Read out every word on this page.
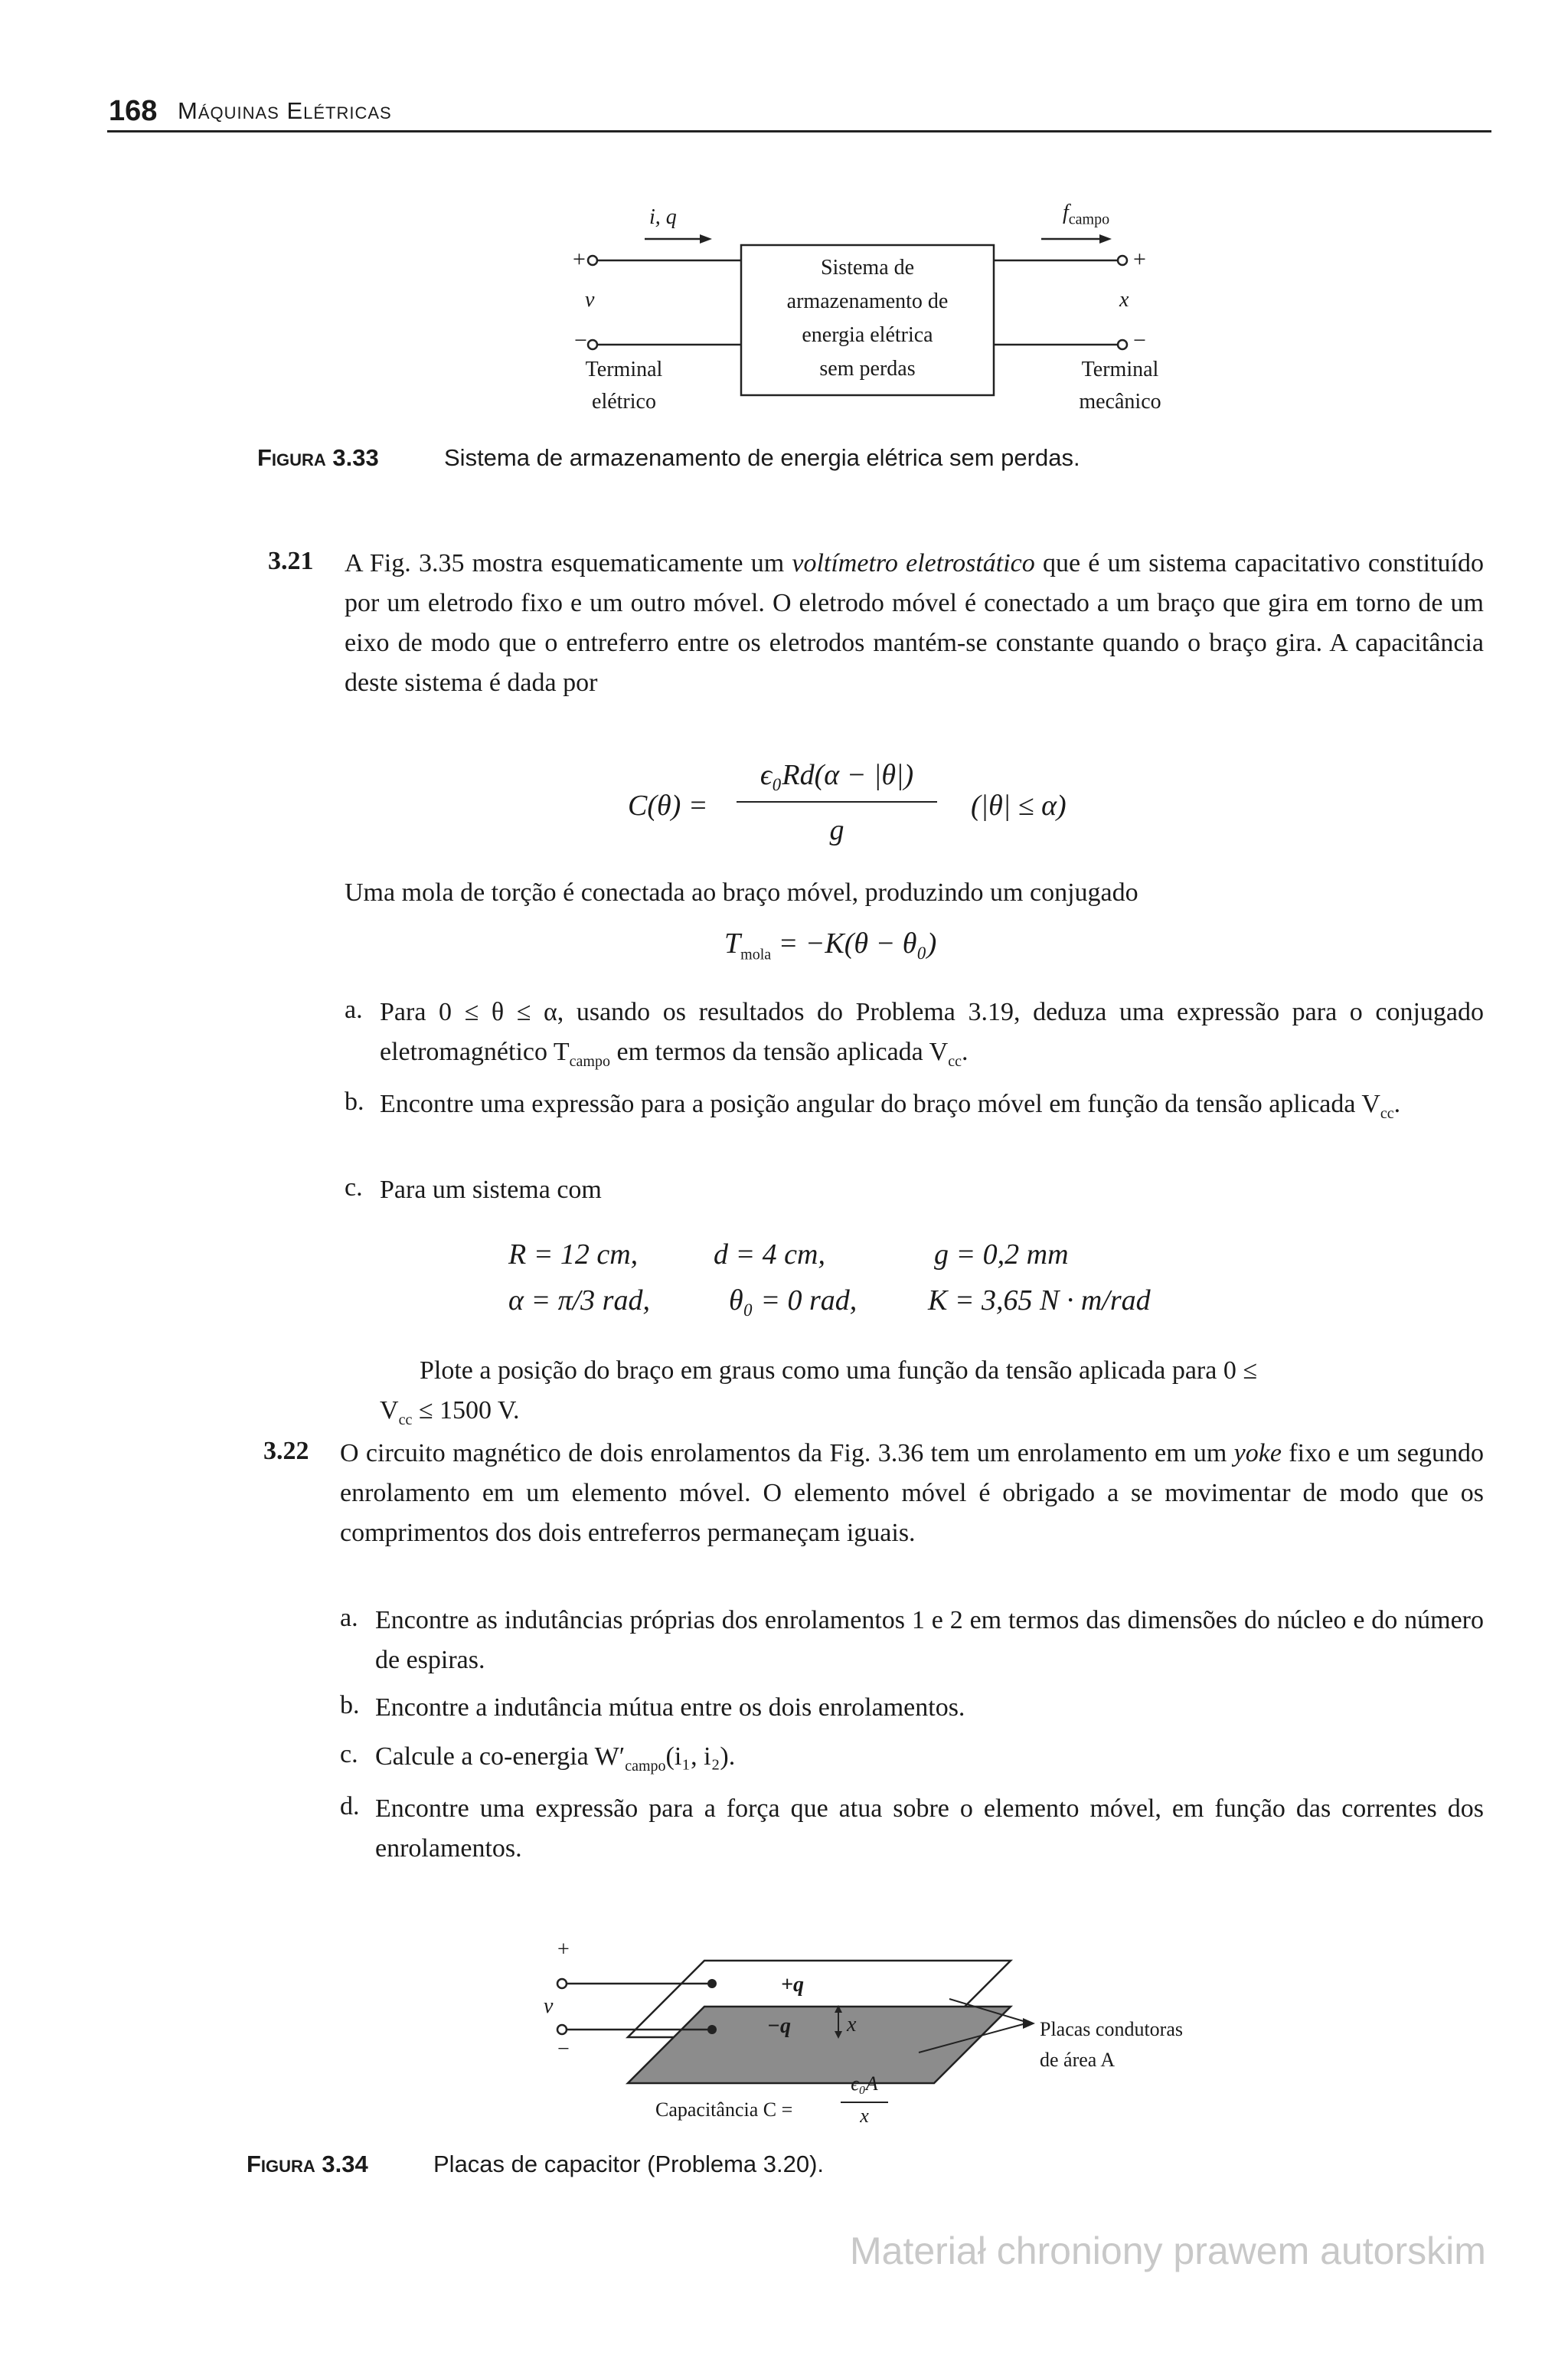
168 Máquinas Elétricas
i, q	$f_{campo}$
+
v
−
+
x
−
Sistema de
armazenamento de
energia elétrica
sem perdas
Terminal
elétrico
Terminal
mecânico
Figura 3.33	Sistema de armazenamento de energia elétrica sem perdas.
3.21 A Fig. 3.35 mostra esquematicamente um voltímetro eletrostático que é um sistema capacitativo constituído por um eletrodo fixo e um outro móvel. O eletrodo móvel é conectado a um braço que gira em torno de um eixo de modo que o entreferro entre os eletrodos mantém-se constante quando o braço gira. A capacitância deste sistema é dada por
C(θ) =
ϵ₀Rd(α − |θ|)
g
(|θ| ≤ α)
Uma mola de torção é conectada ao braço móvel, produzindo um conjugado
$T_{mola} = -K(\theta - \theta_0)$
a. Para 0 ≤ θ ≤ α, usando os resultados do Problema 3.19, deduza uma expressão para o conjugado eletromagnético $T_{campo}$ em termos da tensão aplicada $V_{cc}$.
b. Encontre uma expressão para a posição angular do braço móvel em função da tensão aplicada $V_{cc}$.
c. Para um sistema com
R = 12 cm,	d = 4 cm,	g = 0,2 mm
α = π/3 rad,	θ₀ = 0 rad, K = 3,65 N · m/rad
Plote a posição do braço em graus como uma função da tensão aplicada para 0 ≤
$V_{cc} \le 1500$ V.
3.22 O circuito magnético de dois enrolamentos da Fig. 3.36 tem um enrolamento em um yoke fixo e um segundo enrolamento em um elemento móvel. O elemento móvel é obrigado a se movimentar de modo que os comprimentos dos dois entreferros permaneçam iguais.
a. Encontre as indutâncias próprias dos enrolamentos 1 e 2 em termos das dimensões do núcleo e do número de espiras.
b. Encontre a indutância mútua entre os dois enrolamentos.
c. Calcule a co-energia $W'_{campo}(i_1$, i₂).
d. Encontre uma expressão para a força que atua sobre o elemento móvel, em função das correntes dos enrolamentos.
+
v
−
+q
−q	x	Placas condutoras
de área A
Capacitância C =
ϵ₀A
x
Figura 3.34	Placas de capacitor (Problema 3.20).
Materiał chroniony prawem autorskim
